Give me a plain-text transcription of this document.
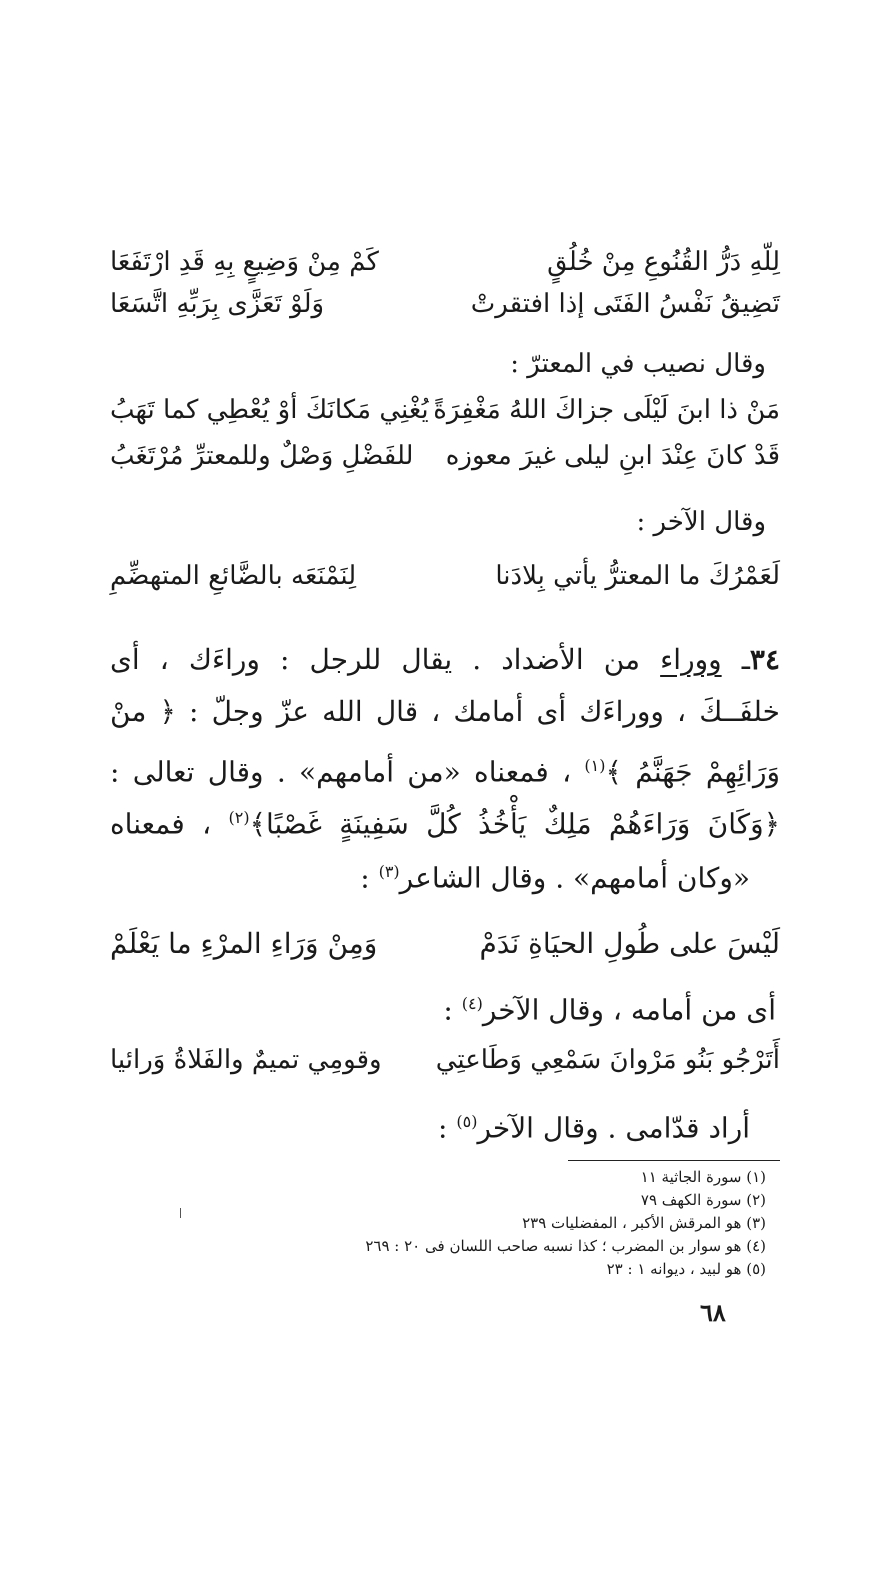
لِلّهِ دَرُّ القُنُوعِ مِنْ خُلُقٍ
كَمْ مِنْ وَضِيعٍ بِهِ قَدِ ارْتَفَعَا
تَضِيقُ نَفْسُ الفَتَى إذا افتقرتْ
وَلَوْ تَعَزَّى بِرَبِّهِ اتَّسَعَا
وقال نصيب في المعترّ :
مَنْ ذا ابنَ لَيْلَى جزاكَ اللهُ مَغْفِرَةً
يُغْنِي مَكانَكَ أوْ يُعْطِي كما تَهَبُ
قَدْ كانَ عِنْدَ ابنِ ليلى غيرَ معوزه
للفَضْلِ وَصْلٌ وللمعترِّ مُرْتَغَبُ
وقال الآخر :
لَعَمْرُكَ ما المعترُّ يأتي بِلادَنا
لِنَمْنَعَه بالضَّائعِ المتهضِّمِ
٣٤ـ ووراء من الأضداد . يقال للرجل : وراءَك ، أى
خلفَــكَ ، ووراءَك أى أمامك ، قال الله عزّ وجلّ : ﴿ منْ
وَرَائِهِمْ جَهَنَّمُ ﴾$^{(١)}$ ، فمعناه «من أمامهم» . وقال تعالى :
﴿وَكَانَ وَرَاءَهُمْ مَلِكٌ يَأْخُذُ كُلَّ سَفِينَةٍ غَصْبًا﴾$^{(٢)}$ ، فمعناه
«وكان أمامهم» . وقال الشاعر$^{(٣)}$ :
لَيْسَ على طُولِ الحيَاةِ نَدَمْ
وَمِنْ وَرَاءِ المرْءِ ما يَعْلَمْ
أى من أمامه ، وقال الآخر$^{(٤)}$ :
أَتَرْجُو بَنُو مَرْوانَ سَمْعِي وَطَاعتِي
وقومِي تميمٌ والفَلاةُ وَرائيا
أراد قدّامى . وقال الآخر$^{(٥)}$ :
(١) سورة الجاثية ١١
(٢) سورة الكهف ٧٩
(٣) هو المرقش الأكبر ، المفضليات ٢٣٩
(٤) هو سوار بن المضرب ؛ كذا نسبه صاحب اللسان فى ٢٠ : ٢٦٩
(٥) هو لبيد ، ديوانه ١ : ٢٣
٦٨
